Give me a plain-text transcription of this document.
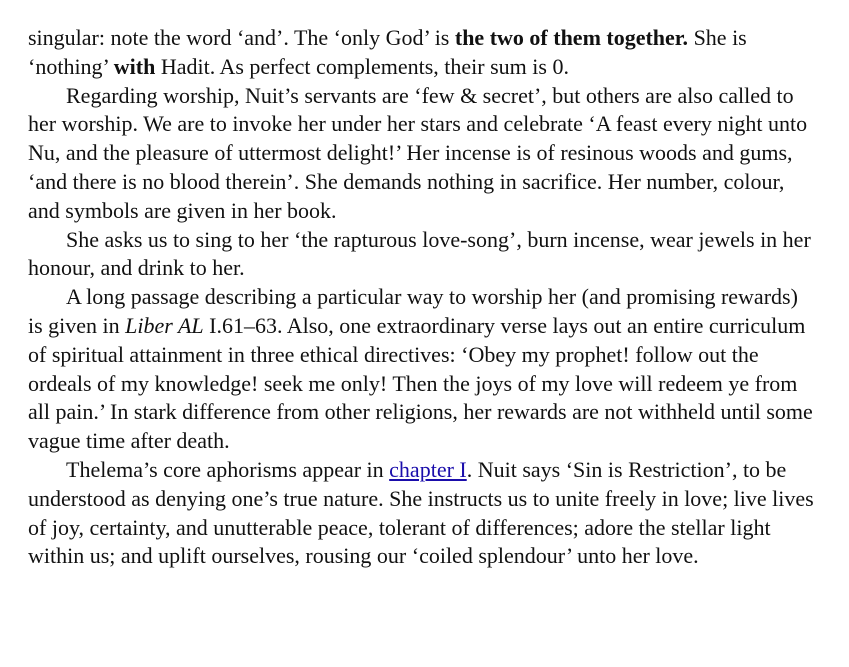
singular: note the word ‘and’. The ‘only God’ is the two of them together. She is ‘nothing’ with Hadit. As perfect complements, their sum is 0.

Regarding worship, Nuit’s servants are ‘few & secret’, but others are also called to her worship. We are to invoke her under her stars and celebrate ‘A feast every night unto Nu, and the pleasure of uttermost delight!’ Her incense is of resinous woods and gums, ‘and there is no blood therein’. She demands nothing in sacrifice. Her number, colour, and symbols are given in her book.

She asks us to sing to her ‘the rapturous love-song’, burn incense, wear jewels in her honour, and drink to her.

A long passage describing a particular way to worship her (and promising rewards) is given in Liber AL I.61–63. Also, one extraordinary verse lays out an entire curriculum of spiritual attainment in three ethical directives: ‘Obey my prophet! follow out the ordeals of my knowledge! seek me only! Then the joys of my love will redeem ye from all pain.’ In stark difference from other religions, her rewards are not withheld until some vague time after death.

Thelema’s core aphorisms appear in chapter I. Nuit says ‘Sin is Restriction’, to be understood as denying one’s true nature. She instructs us to unite freely in love; live lives of joy, certainty, and unutterable peace, tolerant of differences; adore the stellar light within us; and uplift ourselves, rousing our ‘coiled splendour’ unto her love.
